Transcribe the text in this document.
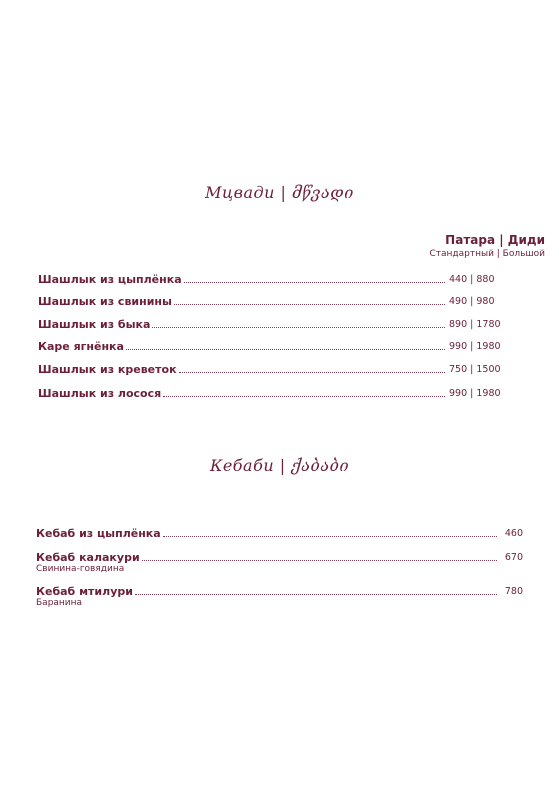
Мцвади | მწვადი
Патара | Диди
Стандартный | Большой
Шашлык из цыплёнка	440 | 880
Шашлык из свинины	490 | 980
Шашлык из быка	890 | 1780
Каре ягнёнка	990 | 1980
Шашлык из креветок	750 | 1500
Шашлык из лосося	990 | 1980
Кебаби | ქაბაბი
Кебаб из цыплёнка	460
Кебаб калакури	670
Свинина-говядина
Кебаб мтилури	780
Баранина
